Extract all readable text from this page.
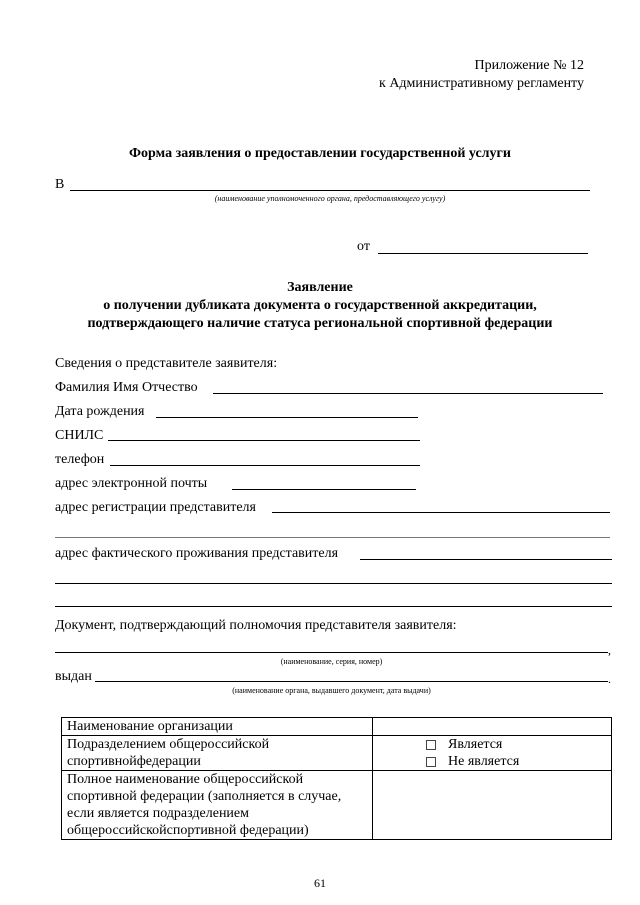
Приложение № 12
к Административному регламенту
Форма заявления о предоставлении государственной услуги
В
(наименование уполномоченного органа, предоставляющего услугу)
от
Заявление
о получении дубликата документа о государственной аккредитации,
подтверждающего наличие статуса региональной спортивной федерации
Сведения о представителе заявителя:
Фамилия Имя Отчество
Дата рождения
СНИЛС
телефон
адрес электронной почты
адрес регистрации представителя
адрес фактического проживания представителя
Документ, подтверждающий полномочия представителя заявителя:
,
(наименование, серия, номер)
выдан	.
(наименование органа, выдавшего документ, дата выдачи)
Наименование организации	
Подразделением общероссийской спортивнойфедерации	Является
Не является

Полное наименование общероссийской спортивной федерации (заполняется в случае, если является подразделением общероссийскойспортивной федерации)	
61
